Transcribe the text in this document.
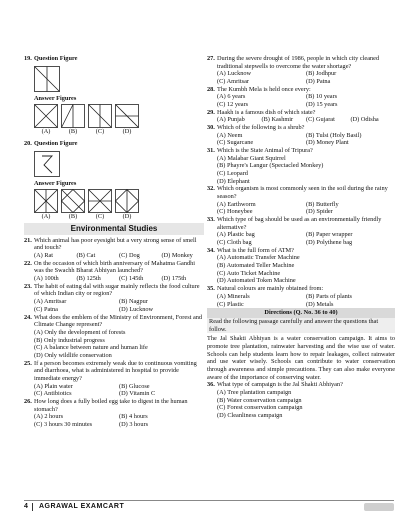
19. Question Figure
Answer Figures
(A)	(B)	(C)	(D)
20. Question Figure
Answer Figures
(A)	(B)	(C)	(D)
Environmental Studies
21. Which animal has poor eyesight but a very strong sense of smell and touch?
(A) Rat	(B) Cat	(C) Dog	(D) Monkey
22. On the occasion of which birth anniversary of Mahatma Gandhi was the Swachh Bharat Abhiyan launched?
(A) 100th	(B) 125th	(C) 145th	(D) 175th
23. The habit of eating dal with sugar mainly reflects the food culture of which Indian city or region?
(A) Amritsar	(B) Nagpur
(C) Patna	(D) Lucknow
24. What does the emblem of the Ministry of Environment, Forest and Climate Change represent?
(A) Only the development of forests
(B) Only industrial progress
(C) A balance between nature and human life
(D) Only wildlife conservation
25. If a person becomes extremely weak due to continuous vomiting and diarrhoea, what is administered in hospital to provide immediate energy?
(A) Plain water	(B) Glucose
(C) Antibiotics	(D) Vitamin C
26. How long does a fully boiled egg take to digest in the human stomach?
(A) 2 hours	(B) 4 hours
(C) 3 hours 30 minutes	(D) 3 hours
27. During the severe drought of 1986, people in which city cleaned traditional stepwells to overcome the water shortage?
(A) Lucknow	(B) Jodhpur
(C) Amritsar	(D) Patna
28. The Kumbh Mela is held once every:
(A) 6 years	(B) 10 years
(C) 12 years	(D) 15 years
29. Haakh is a famous dish of which state?
(A) Punjab	(B) Kashmir	(C) Gujarat	(D) Odisha
30. Which of the following is a shrub?
(A) Neem	(B) Tulsi (Holy Basil)
(C) Sugarcane	(D) Money Plant
31. Which is the State Animal of Tripura?
(A) Malabar Giant Squirrel
(B) Phayre's Langur (Spectacled Monkey)
(C) Leopard
(D) Elephant
32. Which organism is most commonly seen in the soil during the rainy season?
(A) Earthworm	(B) Butterfly
(C) Honeybee	(D) Spider
33. Which type of bag should be used as an environmentally friendly alternative?
(A) Plastic bag	(B) Paper wrapper
(C) Cloth bag	(D) Polythene bag
34. What is the full form of ATM?
(A) Automatic Transfer Machine
(B) Automated Teller Machine
(C) Auto Ticket Machine
(D) Automated Token Machine
35. Natural colours are mainly obtained from:
(A) Minerals	(B) Parts of plants
(C) Plastic	(D) Metals
Directions (Q. No. 36 to 40)
Read the following passage carefully and answer the questions that follow.
The Jal Shakti Abhiyan is a water conservation campaign. It aims to promote tree plantation, rainwater harvesting and the wise use of water. Schools can help students learn how to repair leakages, collect rainwater and use water wisely. Schools can contribute to water conservation through awareness and simple precautions. They can also make everyone aware of the importance of conserving water.
36. What type of campaign is the Jal Shakti Abhiyan?
(A) Tree plantation campaign
(B) Water conservation campaign
(C) Forest conservation campaign
(D) Cleanliness campaign
4	AGRAWAL EXAMCART
